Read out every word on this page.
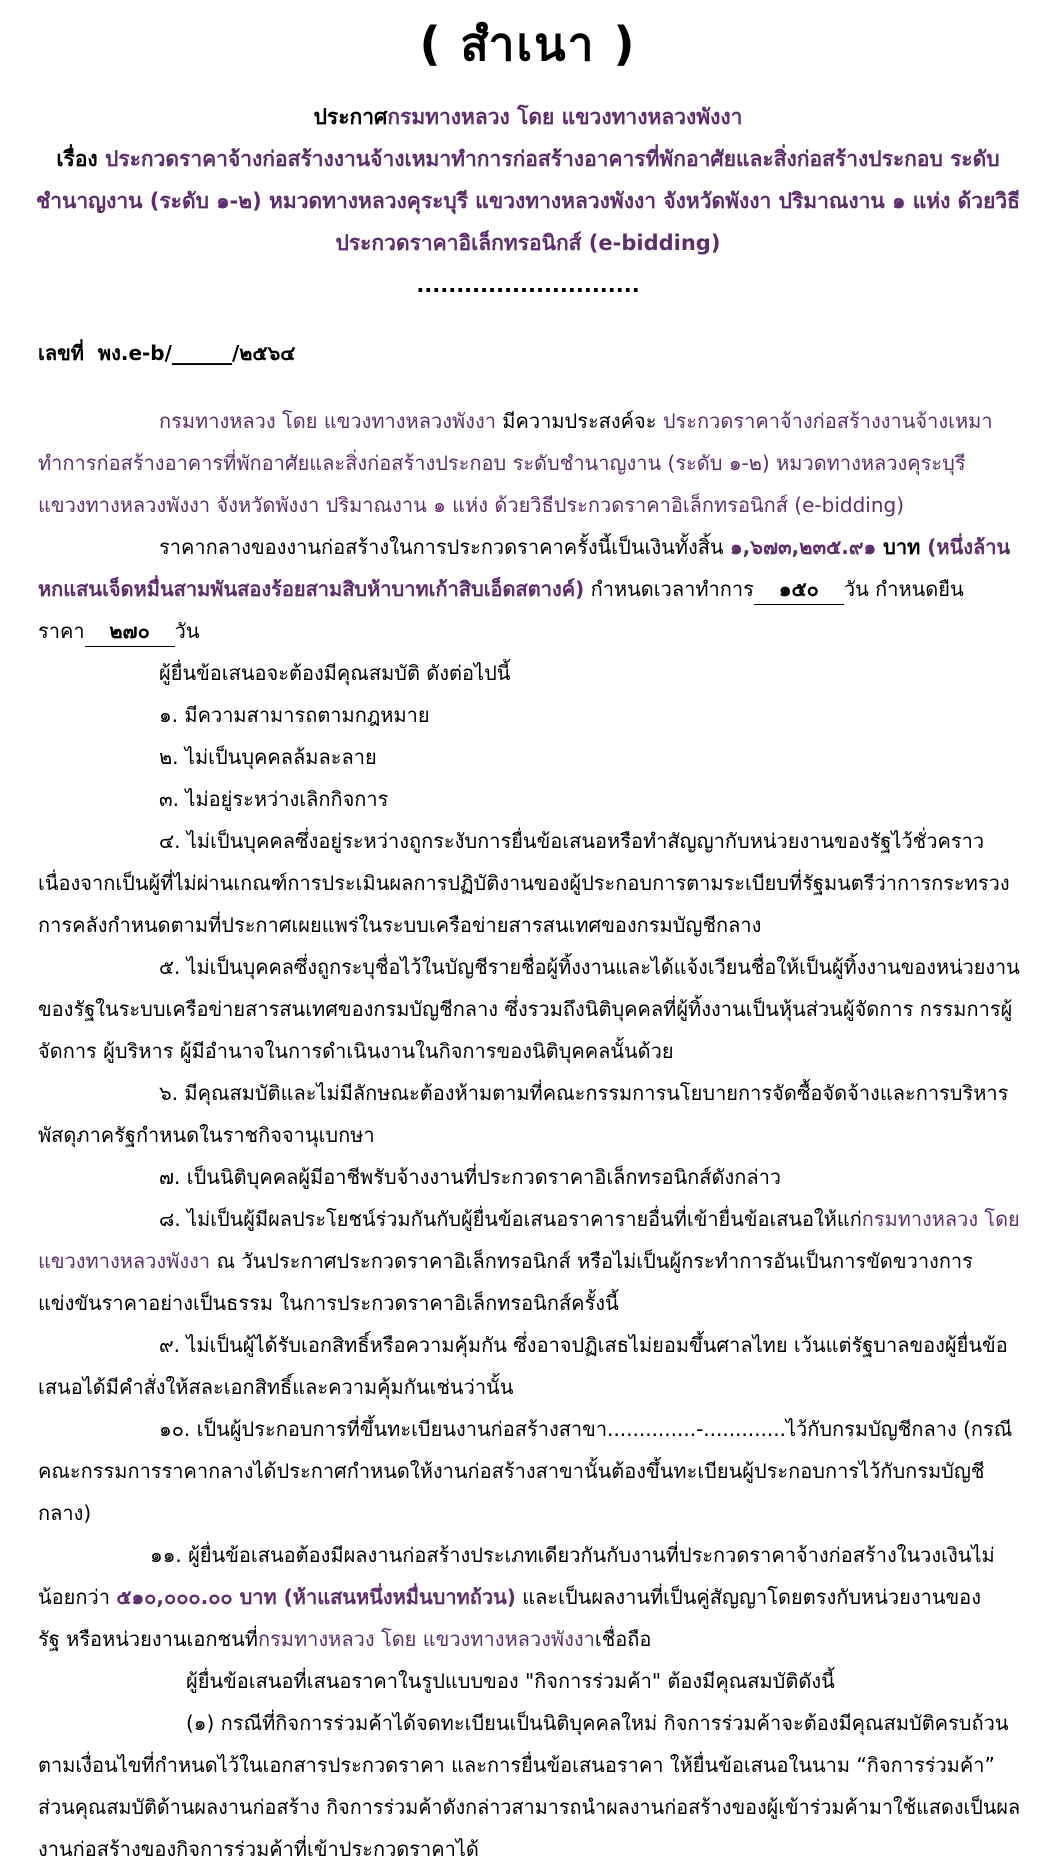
( สำเนา )
ประกาศกรมทางหลวง โดย แขวงทางหลวงพังงา
เรื่อง ประกวดราคาจ้างก่อสร้างงานจ้างเหมาทำการก่อสร้างอาคารที่พักอาศัยและสิ่งก่อสร้างประกอบ ระดับ
ชำนาญงาน (ระดับ ๑-๒) หมวดทางหลวงคุระบุรี แขวงทางหลวงพังงา จังหวัดพังงา ปริมาณงาน ๑ แห่ง ด้วยวิธี
ประกวดราคาอิเล็กทรอนิกส์ (e-bidding)
............................
เลขที่ พง.e-b/______/๒๕๖๔
กรมทางหลวง โดย แขวงทางหลวงพังงา มีความประสงค์จะ ประกวดราคาจ้างก่อสร้างงานจ้างเหมา
ทำการก่อสร้างอาคารที่พักอาศัยและสิ่งก่อสร้างประกอบ ระดับชำนาญงาน (ระดับ ๑-๒) หมวดทางหลวงคุระบุรี
แขวงทางหลวงพังงา จังหวัดพังงา ปริมาณงาน ๑ แห่ง ด้วยวิธีประกวดราคาอิเล็กทรอนิกส์ (e-bidding)
ราคากลางของงานก่อสร้างในการประกวดราคาครั้งนี้เป็นเงินทั้งสิ้น ๑,๖๗๓,๒๓๕.๙๑ บาท (หนึ่งล้าน
หกแสนเจ็ดหมื่นสามพันสองร้อยสามสิบห้าบาทเก้าสิบเอ็ดสตางค์) กำหนดเวลาทำการ ๑๕๐ วัน กำหนดยืน
ราคา ๒๗๐ วัน
ผู้ยื่นข้อเสนอจะต้องมีคุณสมบัติ ดังต่อไปนี้
๑. มีความสามารถตามกฎหมาย
๒. ไม่เป็นบุคคลล้มละลาย
๓. ไม่อยู่ระหว่างเลิกกิจการ
๔. ไม่เป็นบุคคลซึ่งอยู่ระหว่างถูกระงับการยื่นข้อเสนอหรือทำสัญญากับหน่วยงานของรัฐไว้ชั่วคราว
เนื่องจากเป็นผู้ที่ไม่ผ่านเกณฑ์การประเมินผลการปฏิบัติงานของผู้ประกอบการตามระเบียบที่รัฐมนตรีว่าการกระทรวง
การคลังกำหนดตามที่ประกาศเผยแพร่ในระบบเครือข่ายสารสนเทศของกรมบัญชีกลาง
๕. ไม่เป็นบุคคลซึ่งถูกระบุชื่อไว้ในบัญชีรายชื่อผู้ทิ้งงานและได้แจ้งเวียนชื่อให้เป็นผู้ทิ้งงานของหน่วยงาน
ของรัฐในระบบเครือข่ายสารสนเทศของกรมบัญชีกลาง ซึ่งรวมถึงนิติบุคคลที่ผู้ทิ้งงานเป็นหุ้นส่วนผู้จัดการ กรรมการผู้
จัดการ ผู้บริหาร ผู้มีอำนาจในการดำเนินงานในกิจการของนิติบุคคลนั้นด้วย
๖. มีคุณสมบัติและไม่มีลักษณะต้องห้ามตามที่คณะกรรมการนโยบายการจัดซื้อจัดจ้างและการบริหาร
พัสดุภาครัฐกำหนดในราชกิจจานุเบกษา
๗. เป็นนิติบุคคลผู้มีอาชีพรับจ้างงานที่ประกวดราคาอิเล็กทรอนิกส์ดังกล่าว
๘. ไม่เป็นผู้มีผลประโยชน์ร่วมกันกับผู้ยื่นข้อเสนอราคารายอื่นที่เข้ายื่นข้อเสนอให้แก่กรมทางหลวง โดย
แขวงทางหลวงพังงา ณ วันประกาศประกวดราคาอิเล็กทรอนิกส์ หรือไม่เป็นผู้กระทำการอันเป็นการขัดขวางการ
แข่งขันราคาอย่างเป็นธรรม ในการประกวดราคาอิเล็กทรอนิกส์ครั้งนี้
๙. ไม่เป็นผู้ได้รับเอกสิทธิ์หรือความคุ้มกัน ซึ่งอาจปฏิเสธไม่ยอมขึ้นศาลไทย เว้นแต่รัฐบาลของผู้ยื่นข้อ
เสนอได้มีคำสั่งให้สละเอกสิทธิ์และความคุ้มกันเช่นว่านั้น
๑๐. เป็นผู้ประกอบการที่ขึ้นทะเบียนงานก่อสร้างสาขา..............-.............ไว้กับกรมบัญชีกลาง (กรณี
คณะกรรมการราคากลางได้ประกาศกำหนดให้งานก่อสร้างสาขานั้นต้องขึ้นทะเบียนผู้ประกอบการไว้กับกรมบัญชี
กลาง)
๑๑. ผู้ยื่นข้อเสนอต้องมีผลงานก่อสร้างประเภทเดียวกันกับงานที่ประกวดราคาจ้างก่อสร้างในวงเงินไม่
น้อยกว่า ๕๑๐,๐๐๐.๐๐ บาท (ห้าแสนหนึ่งหมื่นบาทถ้วน) และเป็นผลงานที่เป็นคู่สัญญาโดยตรงกับหน่วยงานของ
รัฐ หรือหน่วยงานเอกชนที่กรมทางหลวง โดย แขวงทางหลวงพังงาเชื่อถือ
ผู้ยื่นข้อเสนอที่เสนอราคาในรูปแบบของ "กิจการร่วมค้า" ต้องมีคุณสมบัติดังนี้
(๑) กรณีที่กิจการร่วมค้าได้จดทะเบียนเป็นนิติบุคคลใหม่ กิจการร่วมค้าจะต้องมีคุณสมบัติครบถ้วน
ตามเงื่อนไขที่กำหนดไว้ในเอกสารประกวดราคา และการยื่นข้อเสนอราคา ให้ยื่นข้อเสนอในนาม “กิจการร่วมค้า”
ส่วนคุณสมบัติด้านผลงานก่อสร้าง กิจการร่วมค้าดังกล่าวสามารถนำผลงานก่อสร้างของผู้เข้าร่วมค้ามาใช้แสดงเป็นผล
งานก่อสร้างของกิจการร่วมค้าที่เข้าประกวดราคาได้
